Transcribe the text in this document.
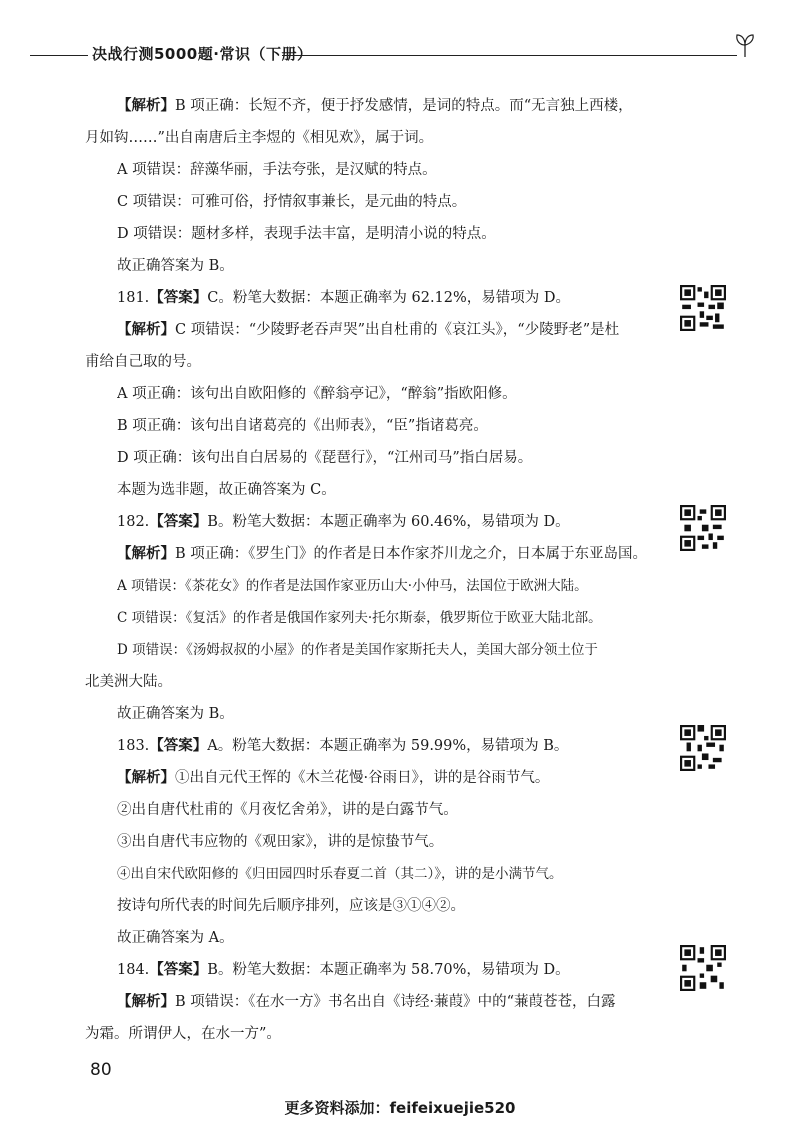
决战行测5000题·常识（下册）
【解析】B 项正确：长短不齐，便于抒发感情，是词的特点。而“无言独上西楼，
月如钩……”出自南唐后主李煜的《相见欢》，属于词。
A 项错误：辞藻华丽，手法夸张，是汉赋的特点。
C 项错误：可雅可俗，抒情叙事兼长，是元曲的特点。
D 项错误：题材多样，表现手法丰富，是明清小说的特点。
故正确答案为 B。
181.【答案】C。粉笔大数据：本题正确率为 62.12%，易错项为 D。
【解析】C 项错误：“少陵野老吞声哭”出自杜甫的《哀江头》，“少陵野老”是杜
甫给自己取的号。
A 项正确：该句出自欧阳修的《醉翁亭记》，“醉翁”指欧阳修。
B 项正确：该句出自诸葛亮的《出师表》，“臣”指诸葛亮。
D 项正确：该句出自白居易的《琵琶行》，“江州司马”指白居易。
本题为选非题，故正确答案为 C。
182.【答案】B。粉笔大数据：本题正确率为 60.46%，易错项为 D。
【解析】B 项正确：《罗生门》的作者是日本作家芥川龙之介，日本属于东亚岛国。
A 项错误：《茶花女》的作者是法国作家亚历山大·小仲马，法国位于欧洲大陆。
C 项错误：《复活》的作者是俄国作家列夫·托尔斯泰，俄罗斯位于欧亚大陆北部。
D 项错误：《汤姆叔叔的小屋》的作者是美国作家斯托夫人，美国大部分领土位于
北美洲大陆。
故正确答案为 B。
183.【答案】A。粉笔大数据：本题正确率为 59.99%，易错项为 B。
【解析】①出自元代王恽的《木兰花慢·谷雨日》，讲的是谷雨节气。
②出自唐代杜甫的《月夜忆舍弟》，讲的是白露节气。
③出自唐代韦应物的《观田家》，讲的是惊蛰节气。
④出自宋代欧阳修的《归田园四时乐春夏二首（其二）》，讲的是小满节气。
按诗句所代表的时间先后顺序排列，应该是③①④②。
故正确答案为 A。
184.【答案】B。粉笔大数据：本题正确率为 58.70%，易错项为 D。
【解析】B 项错误：《在水一方》书名出自《诗经·蒹葭》中的“蒹葭苍苍，白露
为霜。所谓伊人，在水一方”。
80
更多资料添加：feifeixuejie520
